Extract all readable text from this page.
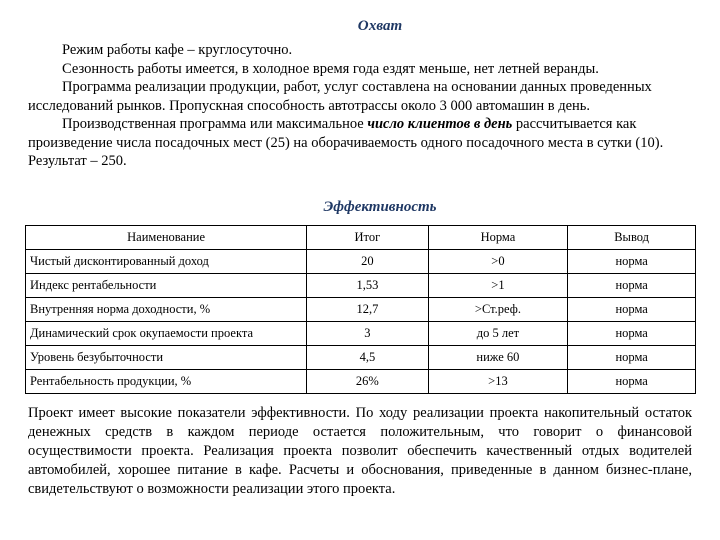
Охват

Режим работы кафе – круглосуточно.

Сезонность работы имеется, в холодное время года ездят меньше, нет летней веранды.

Программа реализации продукции, работ, услуг составлена на основании данных проведенных исследований рынков. Пропускная способность автотрассы около 3 000 автомашин в день.

Производственная программа или максимальное число клиентов в день рассчитывается как произведение числа посадочных мест (25) на оборачиваемость одного посадочного места в сутки (10). Результат – 250.

Эффективность
Наименование	Итог	Норма	Вывод
Чистый дисконтированный доход	20	>0	норма
Индекс рентабельности	1,53	>1	норма
Внутренняя норма доходности, %	12,7	>Ст.реф.	норма
Динамический срок окупаемости проекта	3	до 5 лет	норма
Уровень безубыточности	4,5	ниже 60	норма
Рентабельность продукции, %	26%	>13	норма

Проект имеет высокие показатели эффективности. По ходу реализации проекта накопительный остаток денежных средств в каждом периоде остается положительным, что говорит о финансовой осуществимости проекта. Реализация проекта позволит обеспечить качественный отдых водителей автомобилей, хорошее питание в кафе. Расчеты и обоснования, приведенные в данном бизнес-плане, свидетельствуют о возможности реализации этого проекта.
